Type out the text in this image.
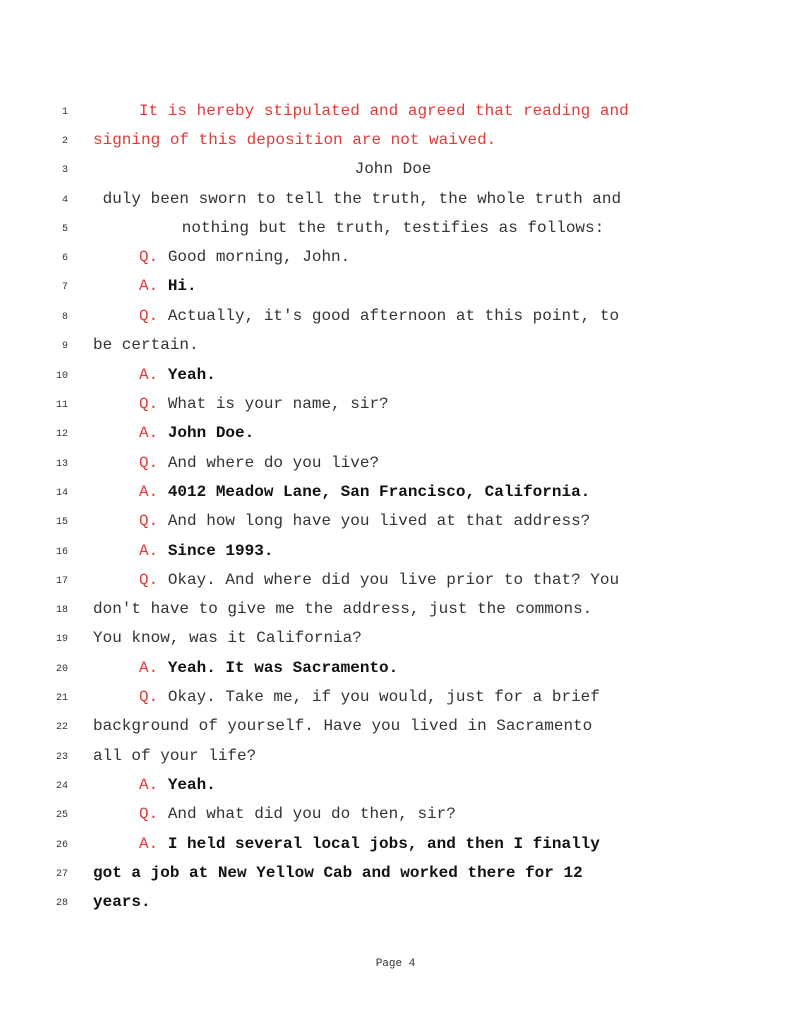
1

	It is hereby stipulated and agreed that reading and

2

signing of this deposition are not waived.

3

	John Doe

4

duly been sworn to tell the truth, the whole truth and

5

	nothing but the truth, testifies as follows:

6

	Q. Good morning, John.

7

	A. Hi.

8

	Q. Actually, it's good afternoon at this point, to

9

be certain.

10

	A. Yeah.

11

	Q. What is your name, sir?

12

	A. John Doe.

13

	Q. And where do you live?

14

	A. 4012 Meadow Lane, San Francisco, California.

15

	Q. And how long have you lived at that address?

16

	A. Since 1993.

17

	Q. Okay. And where did you live prior to that? You

18

don't have to give me the address, just the commons.

19

You know, was it California?

20

	A. Yeah. It was Sacramento.

21

	Q. Okay. Take me, if you would, just for a brief

22

background of yourself. Have you lived in Sacramento

23

all of your life?

24

	A. Yeah.

25

	Q. And what did you do then, sir?

26

	A. I held several local jobs, and then I finally

27

got a job at New Yellow Cab and worked there for 12

28

years.

Page 4
